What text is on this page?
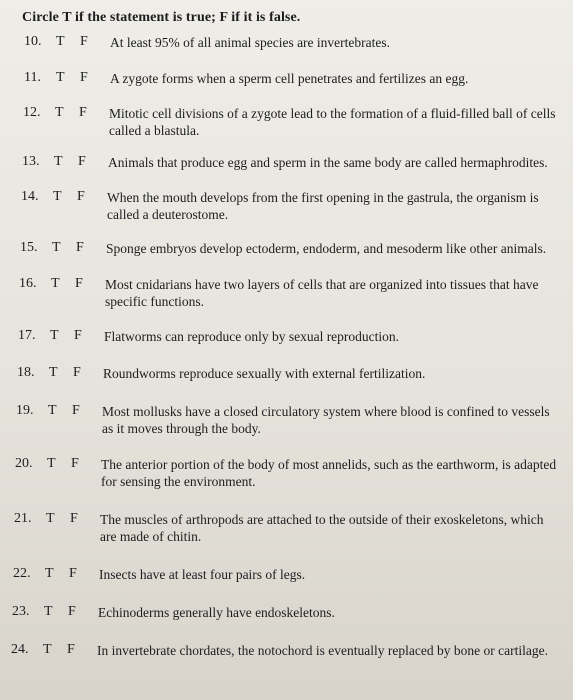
Circle T if the statement is true; F if it is false.
10. T F At least 95% of all animal species are invertebrates.
11. T F A zygote forms when a sperm cell penetrates and fertilizes an egg.
12. T F Mitotic cell divisions of a zygote lead to the formation of a fluid-filled ball of cells called a blastula.
13. T F Animals that produce egg and sperm in the same body are called hermaphrodites.
14. T F When the mouth develops from the first opening in the gastrula, the organism is called a deuterostome.
15. T F Sponge embryos develop ectoderm, endoderm, and mesoderm like other animals.
16. T F Most cnidarians have two layers of cells that are organized into tissues that have specific functions.
17. T F Flatworms can reproduce only by sexual reproduction.
18. T F Roundworms reproduce sexually with external fertilization.
19. T F Most mollusks have a closed circulatory system where blood is confined to vessels as it moves through the body.
20. T F The anterior portion of the body of most annelids, such as the earthworm, is adapted for sensing the environment.
21. T F The muscles of arthropods are attached to the outside of their exoskeletons, which are made of chitin.
22. T F Insects have at least four pairs of legs.
23. T F Echinoderms generally have endoskeletons.
24. T F In invertebrate chordates, the notochord is eventually replaced by bone or cartilage.
